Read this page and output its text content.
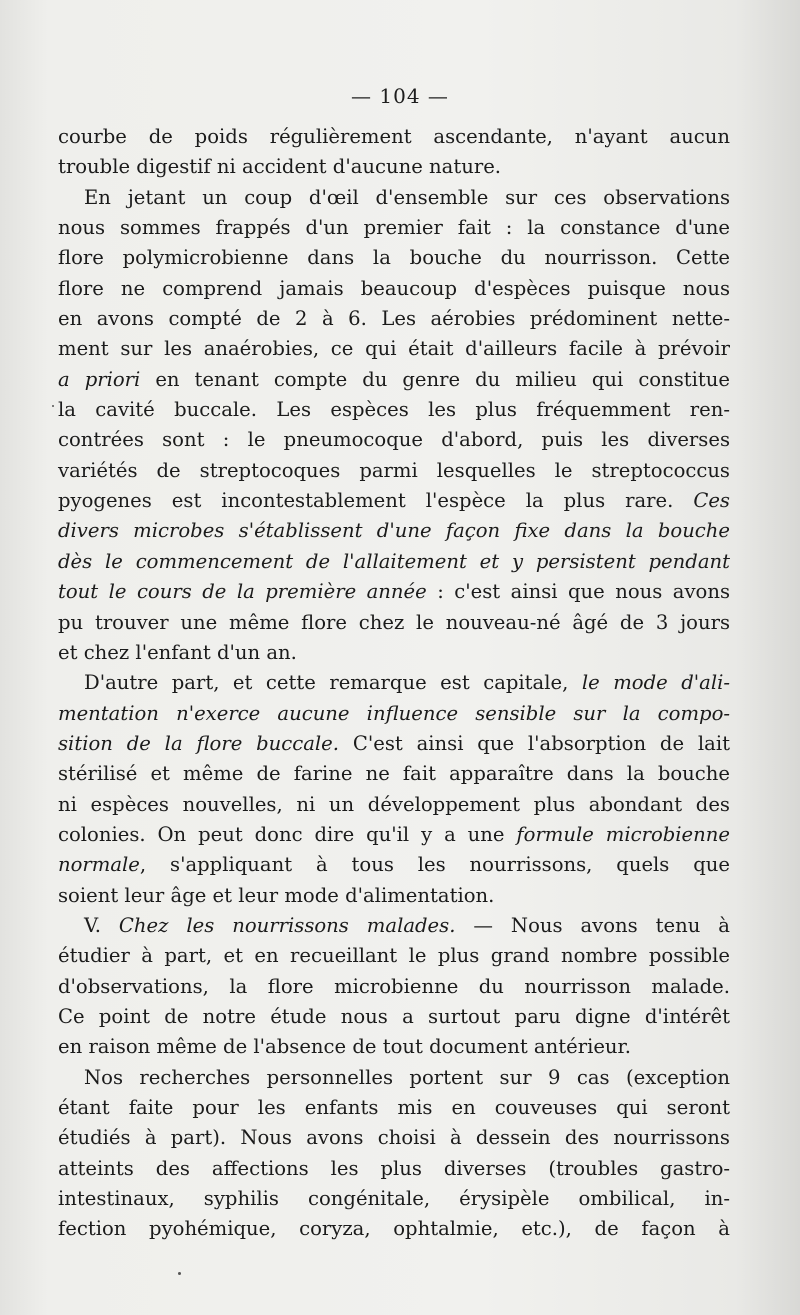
— 104 —
courbe de poids régulièrement ascendante, n'ayant aucun
trouble digestif ni accident d'aucune nature.
En jetant un coup d'œil d'ensemble sur ces observations
nous sommes frappés d'un premier fait : la constance d'une
flore polymicrobienne dans la bouche du nourrisson. Cette
flore ne comprend jamais beaucoup d'espèces puisque nous
en avons compté de 2 à 6. Les aérobies prédominent nette-
ment sur les anaérobies, ce qui était d'ailleurs facile à prévoir
a priori en tenant compte du genre du milieu qui constitue
la cavité buccale. Les espèces les plus fréquemment ren-
contrées sont : le pneumocoque d'abord, puis les diverses
variétés de streptocoques parmi lesquelles le streptococcus
pyogenes est incontestablement l'espèce la plus rare. Ces
divers microbes s'établissent d'une façon fixe dans la bouche
dès le commencement de l'allaitement et y persistent pendant
tout le cours de la première année : c'est ainsi que nous avons
pu trouver une même flore chez le nouveau-né âgé de 3 jours
et chez l'enfant d'un an.
D'autre part, et cette remarque est capitale, le mode d'ali-
mentation n'exerce aucune influence sensible sur la compo-
sition de la flore buccale. C'est ainsi que l'absorption de lait
stérilisé et même de farine ne fait apparaître dans la bouche
ni espèces nouvelles, ni un développement plus abondant des
colonies. On peut donc dire qu'il y a une formule microbienne
normale, s'appliquant à tous les nourrissons, quels que
soient leur âge et leur mode d'alimentation.
V. Chez les nourrissons malades. — Nous avons tenu à
étudier à part, et en recueillant le plus grand nombre possible
d'observations, la flore microbienne du nourrisson malade.
Ce point de notre étude nous a surtout paru digne d'intérêt
en raison même de l'absence de tout document antérieur.
Nos recherches personnelles portent sur 9 cas (exception
étant faite pour les enfants mis en couveuses qui seront
étudiés à part). Nous avons choisi à dessein des nourrissons
atteints des affections les plus diverses (troubles gastro-
intestinaux, syphilis congénitale, érysipèle ombilical, in-
fection pyohémique, coryza, ophtalmie, etc.), de façon à
